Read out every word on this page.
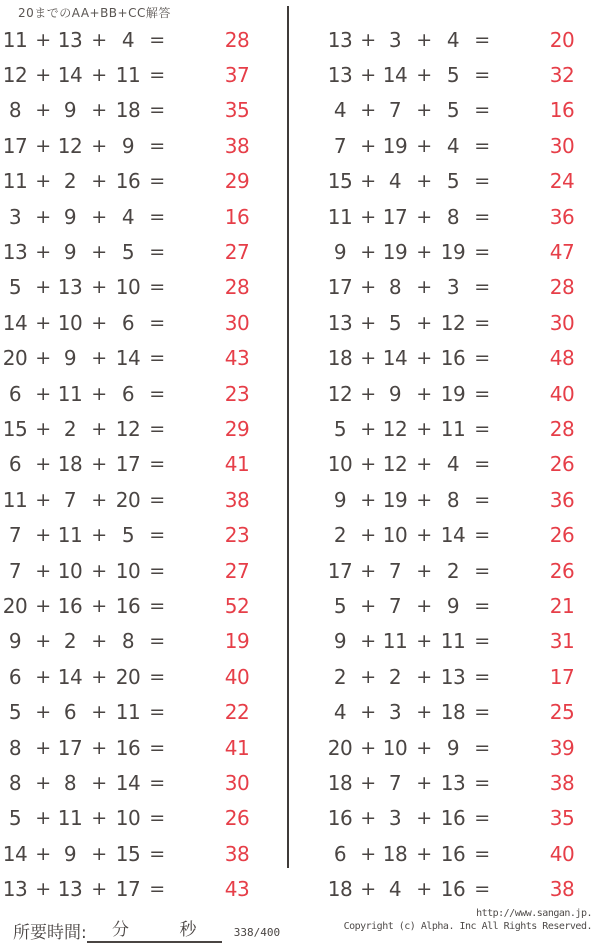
20までのAA+BB+CC解答
11 + 13 + 4 =	28
12 + 14 + 11 =	37
8 + 9 + 18 =	35
17 + 12 + 9 =	38
11 + 2 + 16 =	29
3 + 9 + 4 =	16
13 + 9 + 5 =	27
5 + 13 + 10 =	28
14 + 10 + 6 =	30
20 + 9 + 14 =	43
6 + 11 + 6 =	23
15 + 2 + 12 =	29
6 + 18 + 17 =	41
11 + 7 + 20 =	38
7 + 11 + 5 =	23
7 + 10 + 10 =	27
20 + 16 + 16 =	52
9 + 2 + 8 =	19
6 + 14 + 20 =	40
5 + 6 + 11 =	22
8 + 17 + 16 =	41
8 + 8 + 14 =	30
5 + 11 + 10 =	26
14 + 9 + 15 =	38
13 + 13 + 17 =	43
13 + 3 + 4 =	20
13 + 14 + 5 =	32
4 + 7 + 5 =	16
7 + 19 + 4 =	30
15 + 4 + 5 =	24
11 + 17 + 8 =	36
9 + 19 + 19 =	47
17 + 8 + 3 =	28
13 + 5 + 12 =	30
18 + 14 + 16 =	48
12 + 9 + 19 =	40
5 + 12 + 11 =	28
10 + 12 + 4 =	26
9 + 19 + 8 =	36
2 + 10 + 14 =	26
17 + 7 + 2 =	26
5 + 7 + 9 =	21
9 + 11 + 11 =	31
2 + 2 + 13 =	17
4 + 3 + 18 =	25
20 + 10 + 9 =	39
18 + 7 + 13 =	38
16 + 3 + 16 =	35
6 + 18 + 16 =	40
18 + 4 + 16 =	38
所要時間: 分	秒	338/400
http://www.sangan.jp.
Copyright (c) Alpha. Inc All Rights Reserved.
